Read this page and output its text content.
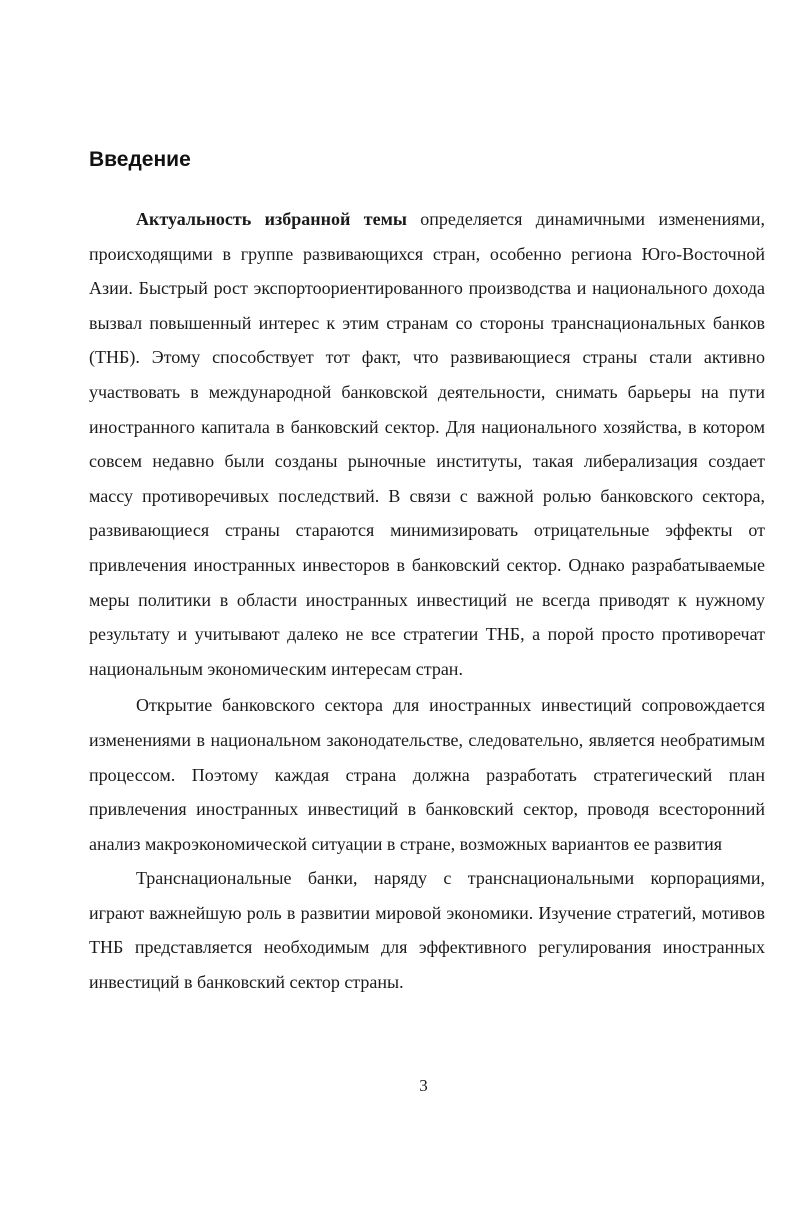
Введение

Актуальность избранной темы определяется динамичными изменениями, происходящими в группе развивающихся стран, особенно региона Юго-Восточной Азии. Быстрый рост экспортоориентированного производства и национального дохода вызвал повышенный интерес к этим странам со стороны транснациональных банков (ТНБ). Этому способствует тот факт, что развивающиеся страны стали активно участвовать в международной банковской деятельности, снимать барьеры на пути иностранного капитала в банковский сектор. Для национального хозяйства, в котором совсем недавно были созданы рыночные институты, такая либерализация создает массу противоречивых последствий. В связи с важной ролью банковского сектора, развивающиеся страны стараются минимизировать отрицательные эффекты от привлечения иностранных инвесторов в банковский сектор. Однако разрабатываемые меры политики в области иностранных инвестиций не всегда приводят к нужному результату и учитывают далеко не все стратегии ТНБ, а порой просто противоречат национальным экономическим интересам стран.

Открытие банковского сектора для иностранных инвестиций сопровождается изменениями в национальном законодательстве, следовательно, является необратимым процессом. Поэтому каждая страна должна разработать стратегический план привлечения иностранных инвестиций в банковский сектор, проводя всесторонний анализ макроэкономической ситуации в стране, возможных вариантов ее развития

Транснациональные банки, наряду с транснациональными корпорациями, играют важнейшую роль в развитии мировой экономики. Изучение стратегий, мотивов ТНБ представляется необходимым для эффективного регулирования иностранных инвестиций в банковский сектор страны.

3
